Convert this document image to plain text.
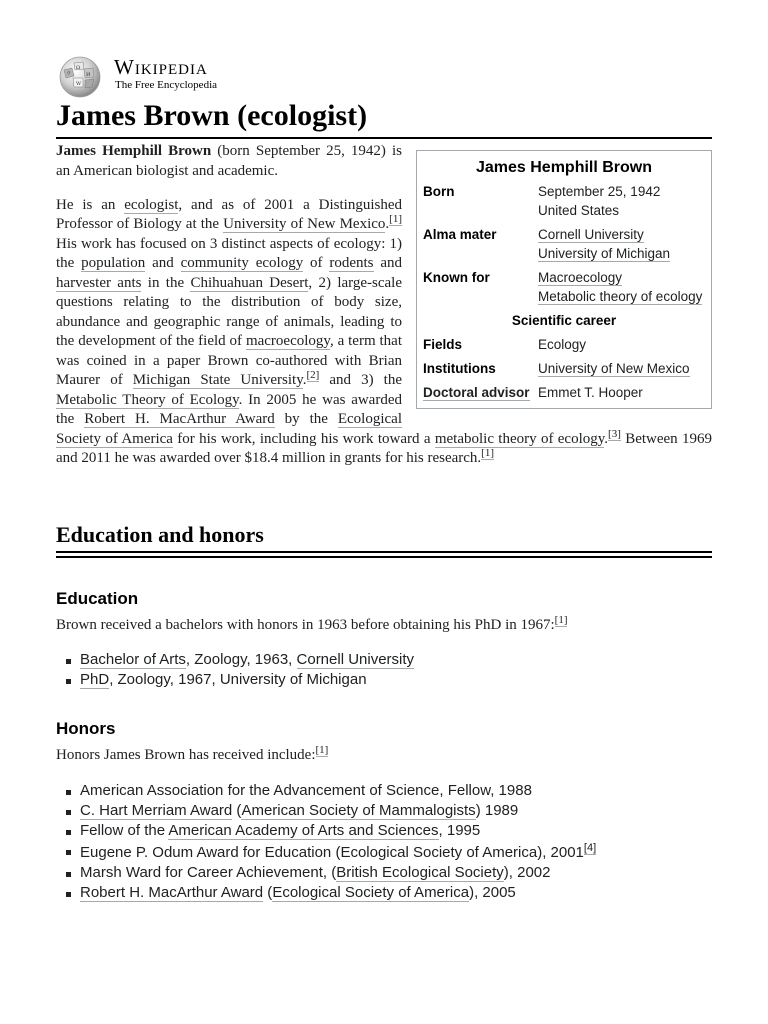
Ω
И
W
ウ Wikipedia
The Free Encyclopedia
James Brown (ecologist)
James Hemphill Brown
Born	September 25, 1942
United States
Alma mater	Cornell University
University of Michigan
Known for	Macroecology
Metabolic theory of ecology
Scientific career
Fields	Ecology
Institutions	University of New Mexico
Doctoral advisor Emmet T. Hooper

James Hemphill Brown (born September 25, 1942) is an American biologist and academic.

He is an ecologist, and as of 2001 a Distinguished Professor of Biology at the University of New Mexico.[1] His work has focused on 3 distinct aspects of ecology: 1) the population and community ecology of rodents and harvester ants in the Chihuahuan Desert, 2) large-scale questions relating to the distribution of body size, abundance and geographic range of animals, leading to the development of the field of macroecology, a term that was coined in a paper Brown co-authored with Brian Maurer of Michigan State University.[2] and 3) the Metabolic Theory of Ecology. In 2005 he was awarded the Robert H. MacArthur Award by the Ecological Society of America for his work, including his work toward a metabolic theory of ecology.[3] Between 1969 and 2011 he was awarded over $18.4 million in grants for his research.[1]

Education and honors
Education
Brown received a bachelors with honors in 1963 before obtaining his PhD in 1967:[1]
Bachelor of Arts, Zoology, 1963, Cornell University
PhD, Zoology, 1967, University of Michigan
Honors
Honors James Brown has received include:[1]
American Association for the Advancement of Science, Fellow, 1988
C. Hart Merriam Award (American Society of Mammalogists) 1989
Fellow of the American Academy of Arts and Sciences, 1995
Eugene P. Odum Award for Education (Ecological Society of America), 2001[4]
Marsh Ward for Career Achievement, (British Ecological Society), 2002
Robert H. MacArthur Award (Ecological Society of America), 2005
